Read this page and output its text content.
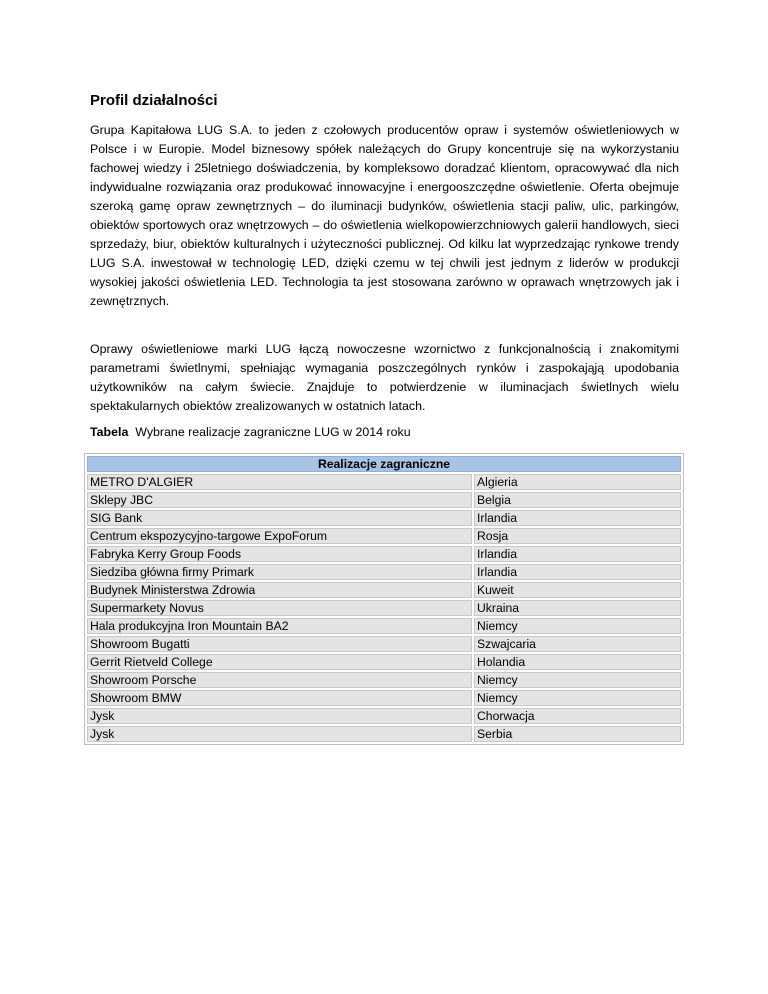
Profil działalności

Grupa Kapitałowa LUG S.A. to jeden z czołowych producentów opraw i systemów oświetleniowych w Polsce i w Europie. Model biznesowy spółek należących do Grupy koncentruje się na wykorzystaniu fachowej wiedzy i 25letniego doświadczenia, by kompleksowo doradzać klientom, opracowywać dla nich indywidualne rozwiązania oraz produkować innowacyjne i energooszczędne oświetlenie. Oferta obejmuje szeroką gamę opraw zewnętrznych – do iluminacji budynków, oświetlenia stacji paliw, ulic, parkingów, obiektów sportowych oraz wnętrzowych – do oświetlenia wielkopowierzchniowych galerii handlowych, sieci sprzedaży, biur, obiektów kulturalnych i użyteczności publicznej. Od kilku lat wyprzedzając rynkowe trendy LUG S.A. inwestował w technologię LED, dzięki czemu w tej chwili jest jednym z liderów w produkcji wysokiej jakości oświetlenia LED. Technologia ta jest stosowana zarówno w oprawach wnętrzowych jak i zewnętrznych.

Oprawy oświetleniowe marki LUG łączą nowoczesne wzornictwo z funkcjonalnością i znakomitymi parametrami świetlnymi, spełniając wymagania poszczególnych rynków i zaspokająją upodobania użytkowników na całym świecie. Znajduje to potwierdzenie w iluminacjach świetlnych wielu spektakularnych obiektów zrealizowanych w ostatnich latach.

Tabela Wybrane realizacje zagraniczne LUG w 2014 roku

Realizacje zagraniczne	
METRO D'ALGIER	Algieria
Sklepy JBC	Belgia
SIG Bank	Irlandia
Centrum ekspozycyjno-targowe ExpoForum	Rosja
Fabryka Kerry Group Foods	Irlandia
Siedziba główna firmy Primark	Irlandia
Budynek Ministerstwa Zdrowia	Kuweit
Supermarkety Novus	Ukraina
Hala produkcyjna Iron Mountain BA2	Niemcy
Showroom Bugatti	Szwajcaria
Gerrit Rietveld College	Holandia
Showroom Porsche	Niemcy
Showroom BMW	Niemcy
Jysk	Chorwacja
Jysk	Serbia
